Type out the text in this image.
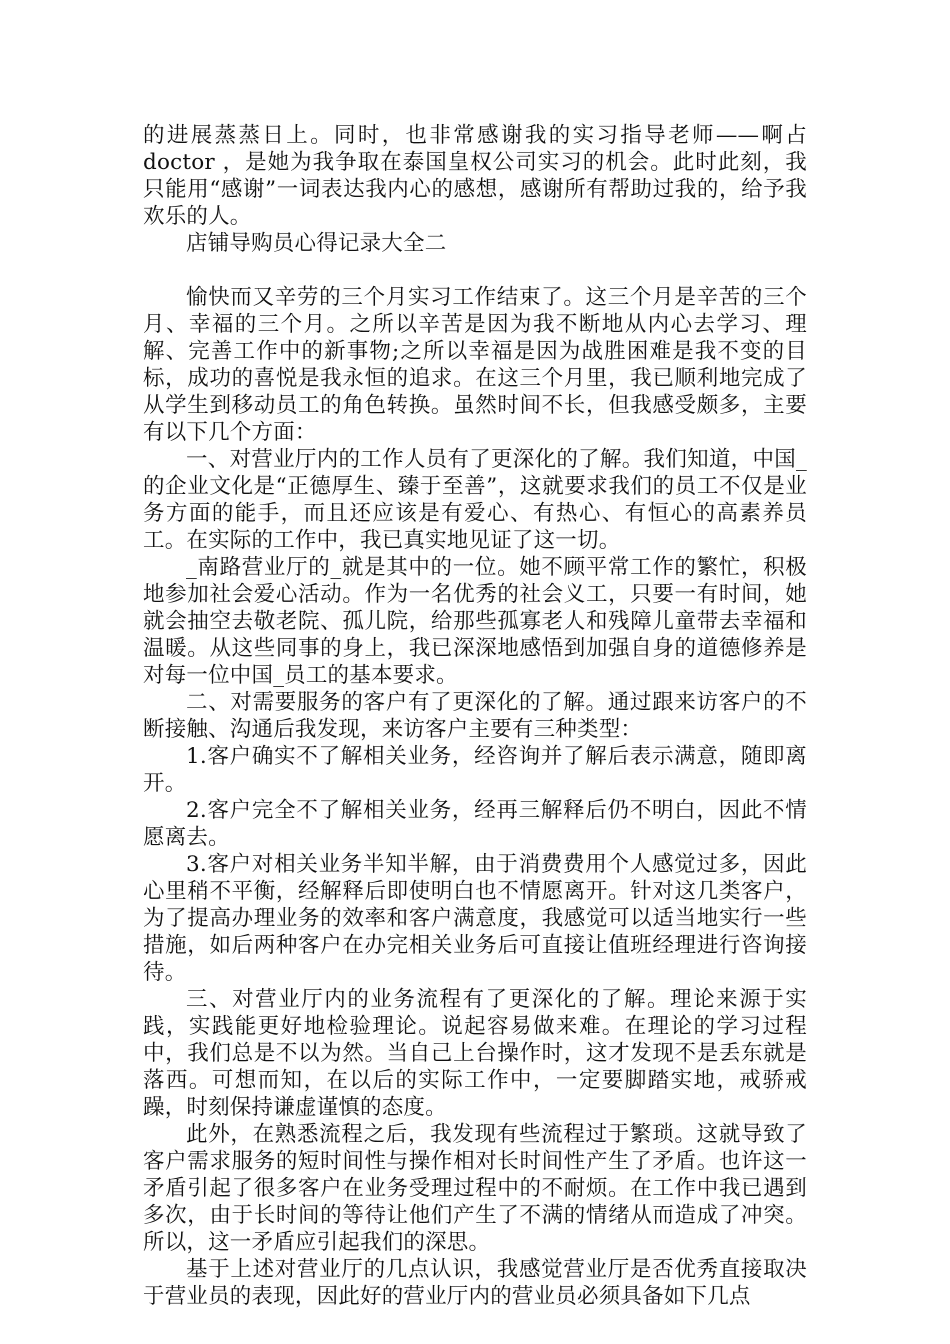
的进展蒸蒸日上。同时，也非常感谢我的实习指导老师——啊占doctor ，是她为我争取在泰国皇权公司实习的机会。此时此刻，我只能用“感谢”一词表达我内心的感想，感谢所有帮助过我的，给予我欢乐的人。

店铺导购员心得记录大全二

愉快而又辛劳的三个月实习工作结束了。这三个月是辛苦的三个月、幸福的三个月。之所以辛苦是因为我不断地从内心去学习、理解、完善工作中的新事物;之所以幸福是因为战胜困难是我不变的目标，成功的喜悦是我永恒的追求。在这三个月里，我已顺利地完成了从学生到移动员工的角色转换。虽然时间不长，但我感受颇多，主要有以下几个方面：

一、对营业厅内的工作人员有了更深化的了解。我们知道，中国_的企业文化是“正德厚生、臻于至善”，这就要求我们的员工不仅是业务方面的能手，而且还应该是有爱心、有热心、有恒心的高素养员工。在实际的工作中，我已真实地见证了这一切。

_南路营业厅的_就是其中的一位。她不顾平常工作的繁忙，积极地参加社会爱心活动。作为一名优秀的社会义工，只要一有时间，她就会抽空去敬老院、孤儿院，给那些孤寡老人和残障儿童带去幸福和温暖。从这些同事的身上，我已深深地感悟到加强自身的道德修养是对每一位中国_员工的基本要求。

二、对需要服务的客户有了更深化的了解。通过跟来访客户的不断接触、沟通后我发现，来访客户主要有三种类型：

1.客户确实不了解相关业务，经咨询并了解后表示满意，随即离开。

2.客户完全不了解相关业务，经再三解释后仍不明白，因此不情愿离去。

3.客户对相关业务半知半解，由于消费费用个人感觉过多，因此心里稍不平衡，经解释后即使明白也不情愿离开。针对这几类客户，为了提高办理业务的效率和客户满意度，我感觉可以适当地实行一些措施，如后两种客户在办完相关业务后可直接让值班经理进行咨询接待。

三、对营业厅内的业务流程有了更深化的了解。理论来源于实践，实践能更好地检验理论。说起容易做来难。在理论的学习过程中，我们总是不以为然。当自己上台操作时，这才发现不是丢东就是落西。可想而知，在以后的实际工作中，一定要脚踏实地，戒骄戒躁，时刻保持谦虚谨慎的态度。

此外，在熟悉流程之后，我发现有些流程过于繁琐。这就导致了客户需求服务的短时间性与操作相对长时间性产生了矛盾。也许这一矛盾引起了很多客户在业务受理过程中的不耐烦。在工作中我已遇到多次，由于长时间的等待让他们产生了不满的情绪从而造成了冲突。所以，这一矛盾应引起我们的深思。

基于上述对营业厅的几点认识，我感觉营业厅是否优秀直接取决于营业员的表现，因此好的营业厅内的营业员必须具备如下几点
